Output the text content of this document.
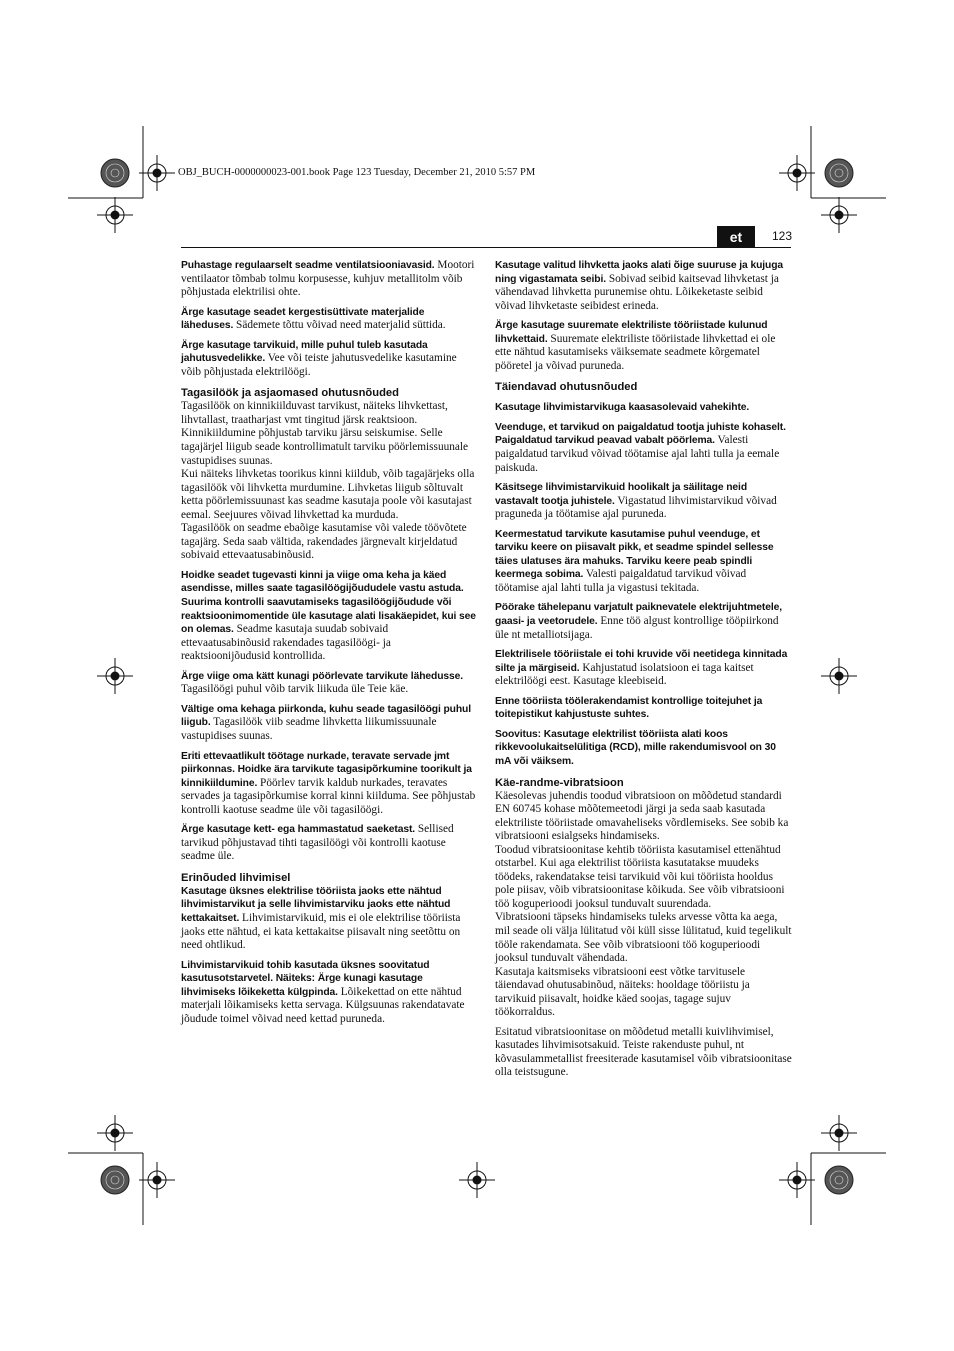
OBJ_BUCH-0000000023-001.book Page 123 Tuesday, December 21, 2010 5:57 PM
et	123

Puhastage regulaarselt seadme ventilatsiooniavasid. Mootori ventilaator tõmbab tolmu korpusesse, kuhjuv metallitolm võib põhjustada elektrilisi ohte.

Ärge kasutage seadet kergestisüttivate materjalide läheduses. Sädemete tõttu võivad need materjalid süttida.

Ärge kasutage tarvikuid, mille puhul tuleb kasutada jahutusvedelikke. Vee või teiste jahutusvedelike kasutamine võib põhjustada elektrilöögi.

Tagasilöök ja asjaomased ohutusnõuded

Tagasilöök on kinnikiilduvast tarvikust, näiteks lihvkettast, lihvtallast, traatharjast vmt tingitud järsk reaktsioon. Kinnikiildumine põhjustab tarviku järsu seiskumise. Selle tagajärjel liigub seade kontrollimatult tarviku pöörlemissuunale vastupidises suunas.

Kui näiteks lihvketas toorikus kinni kiildub, võib tagajärjeks olla tagasilöök või lihvketta murdumine. Lihvketas liigub sõltuvalt ketta pöörlemissuunast kas seadme kasutaja poole või kasutajast eemal. Seejuures võivad lihvkettad ka murduda.

Tagasilöök on seadme ebaõige kasutamise või valede töövõtete tagajärg. Seda saab vältida, rakendades järgnevalt kirjeldatud sobivaid ettevaatusabinõusid.

Hoidke seadet tugevasti kinni ja viige oma keha ja käed asendisse, milles saate tagasilöögijõududele vastu astuda. Suurima kontrolli saavutamiseks tagasilöögijõudude või reaktsioonimomentide üle kasutage alati lisakäepidet, kui see on olemas. Seadme kasutaja suudab sobivaid ettevaatusabinõusid rakendades tagasilöögi- ja reaktsioonijõudusid kontrollida.

Ärge viige oma kätt kunagi pöörlevate tarvikute lähedusse. Tagasilöögi puhul võib tarvik liikuda üle Teie käe.

Vältige oma kehaga piirkonda, kuhu seade tagasilöögi puhul liigub. Tagasilöök viib seadme lihvketta liikumissuunale vastupidises suunas.

Eriti ettevaatlikult töötage nurkade, teravate servade jmt piirkonnas. Hoidke ära tarvikute tagasipõrkumine toorikult ja kinnikiildumine. Pöörlev tarvik kaldub nurkades, teravates servades ja tagasipõrkumise korral kinni kiilduma. See põhjustab kontrolli kaotuse seadme üle või tagasilöögi.

Ärge kasutage kett- ega hammastatud saeketast. Sellised tarvikud põhjustavad tihti tagasilöögi või kontrolli kaotuse seadme üle.

Erinõuded lihvimisel

Kasutage üksnes elektrilise tööriista jaoks ette nähtud lihvimistarvikut ja selle lihvimistarviku jaoks ette nähtud kettakaitset. Lihvimistarvikuid, mis ei ole elektrilise tööriista jaoks ette nähtud, ei kata kettakaitse piisavalt ning seetõttu on need ohtlikud.

Lihvimistarvikuid tohib kasutada üksnes soovitatud kasutusotstarvetel. Näiteks: Ärge kunagi kasutage lihvimiseks lõikeketta külgpinda. Lõikekettad on ette nähtud materjali lõikamiseks ketta servaga. Külgsuunas rakendatavate jõudude toimel võivad need kettad puruneda.

Kasutage valitud lihvketta jaoks alati õige suuruse ja kujuga ning vigastamata seibi. Sobivad seibid kaitsevad lihvketast ja vähendavad lihvketta purunemise ohtu. Lõikeketaste seibid võivad lihvketaste seibidest erineda.

Ärge kasutage suuremate elektriliste tööriistade kulunud lihvkettaid. Suuremate elektriliste tööriistade lihvkettad ei ole ette nähtud kasutamiseks väiksemate seadmete kõrgematel pööretel ja võivad puruneda.

Täiendavad ohutusnõuded

Kasutage lihvimistarvikuga kaasasolevaid vahekihte.

Veenduge, et tarvikud on paigaldatud tootja juhiste kohaselt. Paigaldatud tarvikud peavad vabalt pöörlema. Valesti paigaldatud tarvikud võivad töötamise ajal lahti tulla ja eemale paiskuda.

Käsitsege lihvimistarvikuid hoolikalt ja säilitage neid vastavalt tootja juhistele. Vigastatud lihvimistarvikud võivad praguneda ja töötamise ajal puruneda.

Keermestatud tarvikute kasutamise puhul veenduge, et tarviku keere on piisavalt pikk, et seadme spindel sellesse täies ulatuses ära mahuks. Tarviku keere peab spindli keermega sobima. Valesti paigaldatud tarvikud võivad töötamise ajal lahti tulla ja vigastusi tekitada.

Pöörake tähelepanu varjatult paiknevatele elektrijuhtmetele, gaasi- ja veetorudele. Enne töö algust kontrollige tööpiirkond üle nt metalliotsijaga.

Elektrilisele tööriistale ei tohi kruvide või neetidega kinnitada silte ja märgiseid. Kahjustatud isolatsioon ei taga kaitset elektrilöögi eest. Kasutage kleebiseid.

Enne tööriista töölerakendamist kontrollige toitejuhet ja toitepistikut kahjustuste suhtes.

Soovitus: Kasutage elektrilist tööriista alati koos rikkevoolukaitselülitiga (RCD), mille rakendumisvool on 30 mA või väiksem.

Käe-randme-vibratsioon

Käesolevas juhendis toodud vibratsioon on mõõdetud standardi EN 60745 kohase mõõtemeetodi järgi ja seda saab kasutada elektriliste tööriistade omavaheliseks võrdlemiseks. See sobib ka vibratsiooni esialgseks hindamiseks.

Toodud vibratsioonitase kehtib tööriista kasutamisel ettenähtud otstarbel. Kui aga elektrilist tööriista kasutatakse muudeks töödeks, rakendatakse teisi tarvikuid või kui tööriista hooldus pole piisav, võib vibratsioonitase kõikuda. See võib vibratsiooni töö koguperioodi jooksul tunduvalt suurendada.

Vibratsiooni täpseks hindamiseks tuleks arvesse võtta ka aega, mil seade oli välja lülitatud või küll sisse lülitatud, kuid tegelikult tööle rakendamata. See võib vibratsiooni töö koguperioodi jooksul tunduvalt vähendada.

Kasutaja kaitsmiseks vibratsiooni eest võtke tarvitusele täiendavad ohutusabinõud, näiteks: hooldage tööriistu ja tarvikuid piisavalt, hoidke käed soojas, tagage sujuv töökorraldus.

Esitatud vibratsioonitase on mõõdetud metalli kuivlihvimisel, kasutades lihvimisotsakuid. Teiste rakenduste puhul, nt kõvasulammetallist freesiterade kasutamisel võib vibratsioonitase olla teistsugune.
